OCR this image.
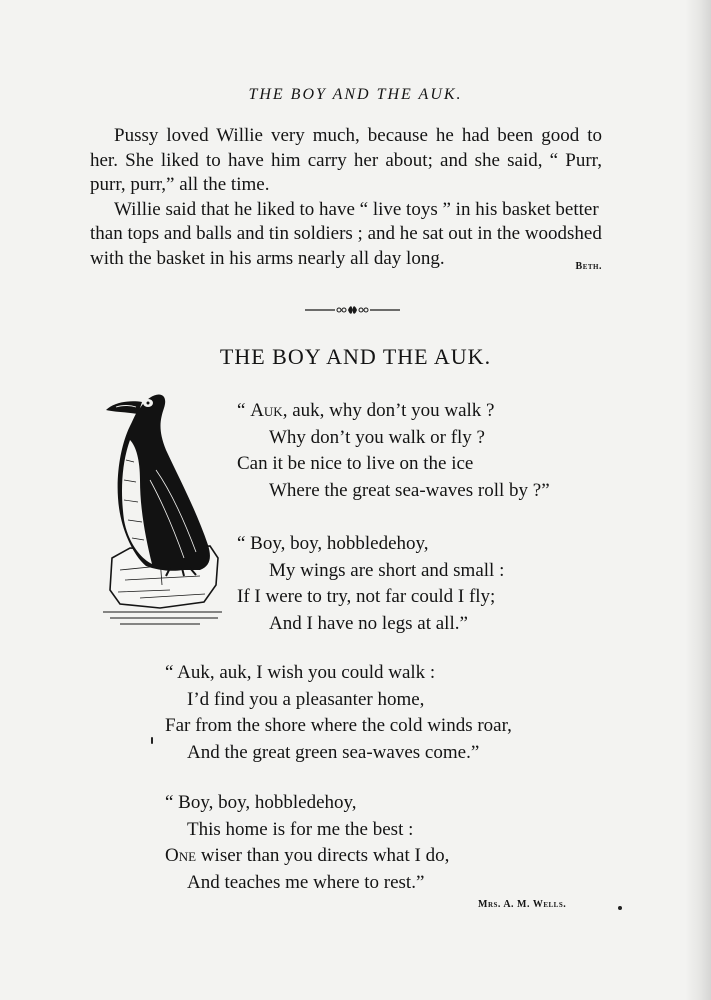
THE BOY AND THE AUK.

Pussy loved Willie very much, because he had been good to her. She liked to have him carry her about; and she said, “ Purr, purr, purr,” all the time.

Willie said that he liked to have “ live toys ” in his basket better than tops and balls and tin soldiers ; and he sat out in the woodshed with the basket in his arms nearly all day long.	Beth.

THE BOY AND THE AUK.
“ Auk, auk, why don’t you walk ?
Why don’t you walk or fly ?
Can it be nice to live on the ice
Where the great sea-waves roll by ?”
“ Boy, boy, hobbledehoy,
My wings are short and small :
If I were to try, not far could I fly;
And I have no legs at all.”
“ Auk, auk, I wish you could walk :
I’d find you a pleasanter home,
Far from the shore where the cold winds roar,
And the great green sea-waves come.”
“ Boy, boy, hobbledehoy,
This home is for me the best :
One wiser than you directs what I do,
And teaches me where to rest.”
Mrs. A. M. Wells.
